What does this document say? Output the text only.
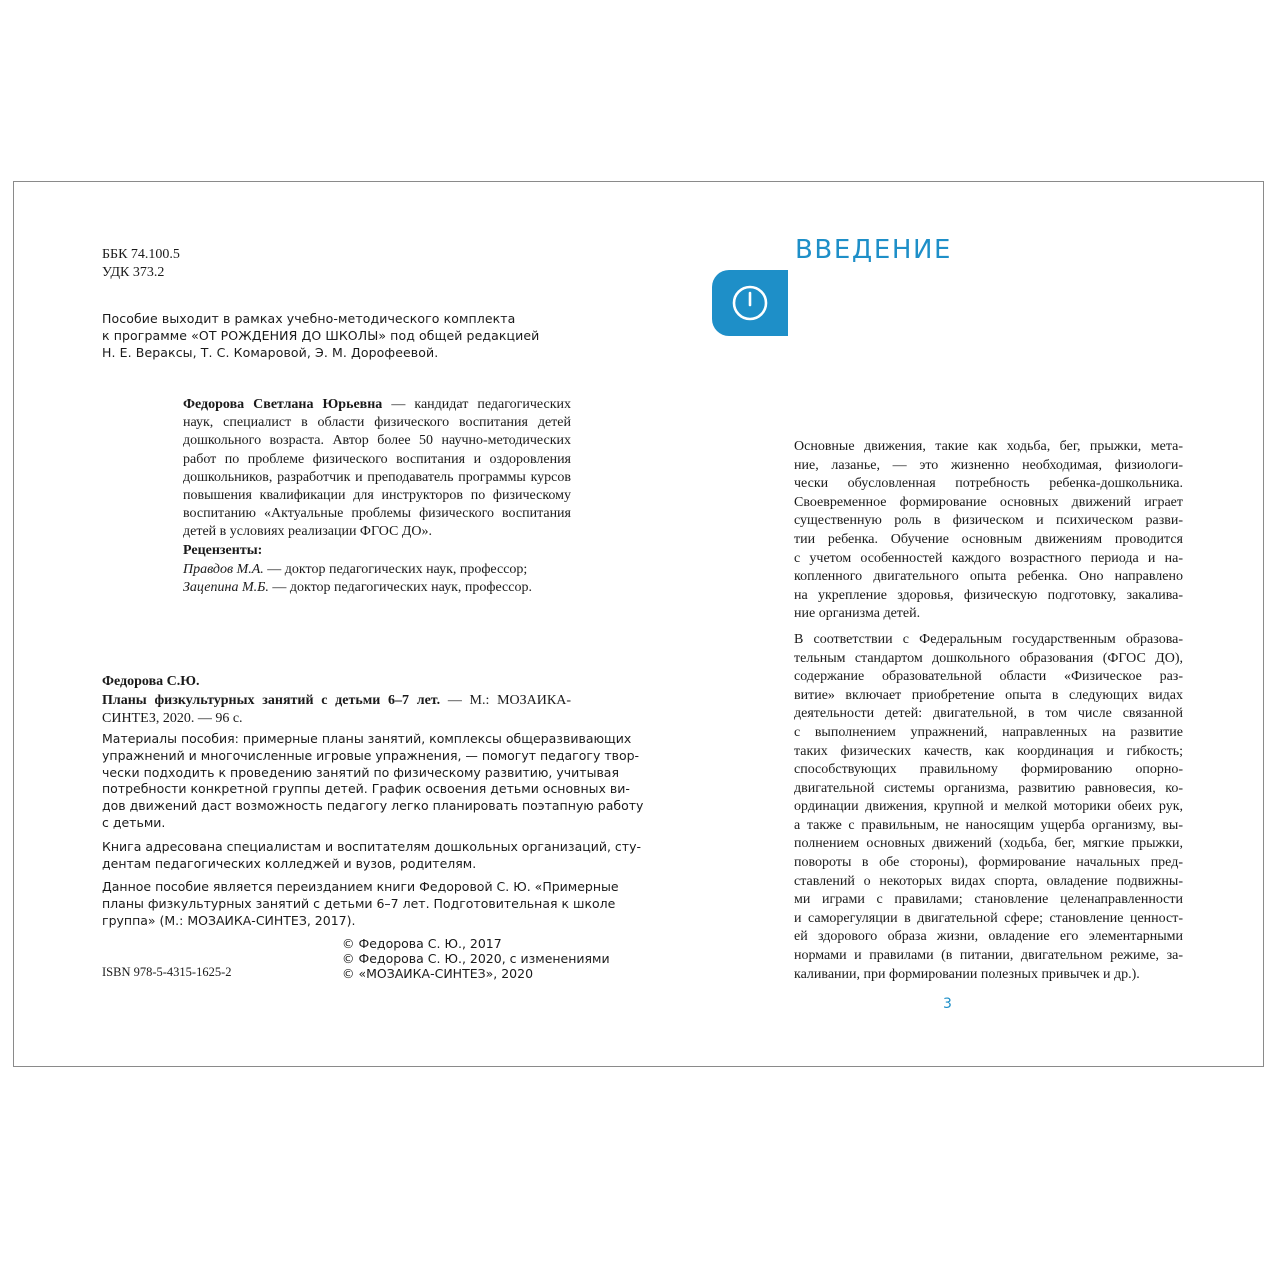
ББК 74.100.5
УДК 373.2
Пособие выходит в рамках учебно-методического комплекта
к программе «ОТ РОЖДЕНИЯ ДО ШКОЛЫ» под общей редакцией
Н. Е. Вераксы, Т. С. Комаровой, Э. М. Дорофеевой.
Федорова Светлана Юрьевна — кандидат педагогических
наук, специалист в области физического воспитания детей
дошкольного возраста. Автор более 50 научно-методических
работ по проблеме физического воспитания и оздоровления
дошкольников, разработчик и преподаватель программы курсов
повышения квалификации для инструкторов по физическому
воспитанию «Актуальные проблемы физического воспитания
детей в условиях реализации ФГОС ДО».
Рецензенты:
Правдов М.А. — доктор педагогических наук, профессор;
Зацепина М.Б. — доктор педагогических наук, профессор.
Федорова С.Ю.
Планы физкультурных занятий с детьми 6–7 лет. — М.: МОЗАИКА-
СИНТЕЗ, 2020. — 96 с.

Материалы пособия: примерные планы занятий, комплексы общеразвивающих
упражнений и многочисленные игровые упражнения, — помогут педагогу твор-
чески подходить к проведению занятий по физическому развитию, учитывая
потребности конкретной группы детей. График освоения детьми основных ви-
дов движений даст возможность педагогу легко планировать поэтапную работу
с детьми.

Книга адресована специалистам и воспитателям дошкольных организаций, сту-
дентам педагогических колледжей и вузов, родителям.

Данное пособие является переизданием книги Федоровой С. Ю. «Примерные
планы физкультурных занятий с детьми 6–7 лет. Подготовительная к школе
группа» (М.: МОЗАИКА-СИНТЕЗ, 2017).

© Федорова С. Ю., 2017
© Федорова С. Ю., 2020, с изменениями
© «МОЗАИКА-СИНТЕЗ», 2020
ISBN 978-5-4315-1625-2
ВВЕДЕНИЕ

Основные движения, такие как ходьба, бег, прыжки, мета-
ние, лазанье, — это жизненно необходимая, физиологи-
чески обусловленная потребность ребенка-дошкольника.
Своевременное формирование основных движений играет
существенную роль в физическом и психическом разви-
тии ребенка. Обучение основным движениям проводится
с учетом особенностей каждого возрастного периода и на-
копленного двигательного опыта ребенка. Оно направлено
на укрепление здоровья, физическую подготовку, закалива-
ние организма детей.

В соответствии с Федеральным государственным образова-
тельным стандартом дошкольного образования (ФГОС ДО),
содержание образовательной области «Физическое раз-
витие» включает приобретение опыта в следующих видах
деятельности детей: двигательной, в том числе связанной
с выполнением упражнений, направленных на развитие
таких физических качеств, как координация и гибкость;
способствующих правильному формированию опорно-
двигательной системы организма, развитию равновесия, ко-
ординации движения, крупной и мелкой моторики обеих рук,
а также с правильным, не наносящим ущерба организму, вы-
полнением основных движений (ходьба, бег, мягкие прыжки,
повороты в обе стороны), формирование начальных пред-
ставлений о некоторых видах спорта, овладение подвижны-
ми играми с правилами; становление целенаправленности
и саморегуляции в двигательной сфере; становление ценност-
ей здорового образа жизни, овладение его элементарными
нормами и правилами (в питании, двигательном режиме, за-
каливании, при формировании полезных привычек и др.).

3
